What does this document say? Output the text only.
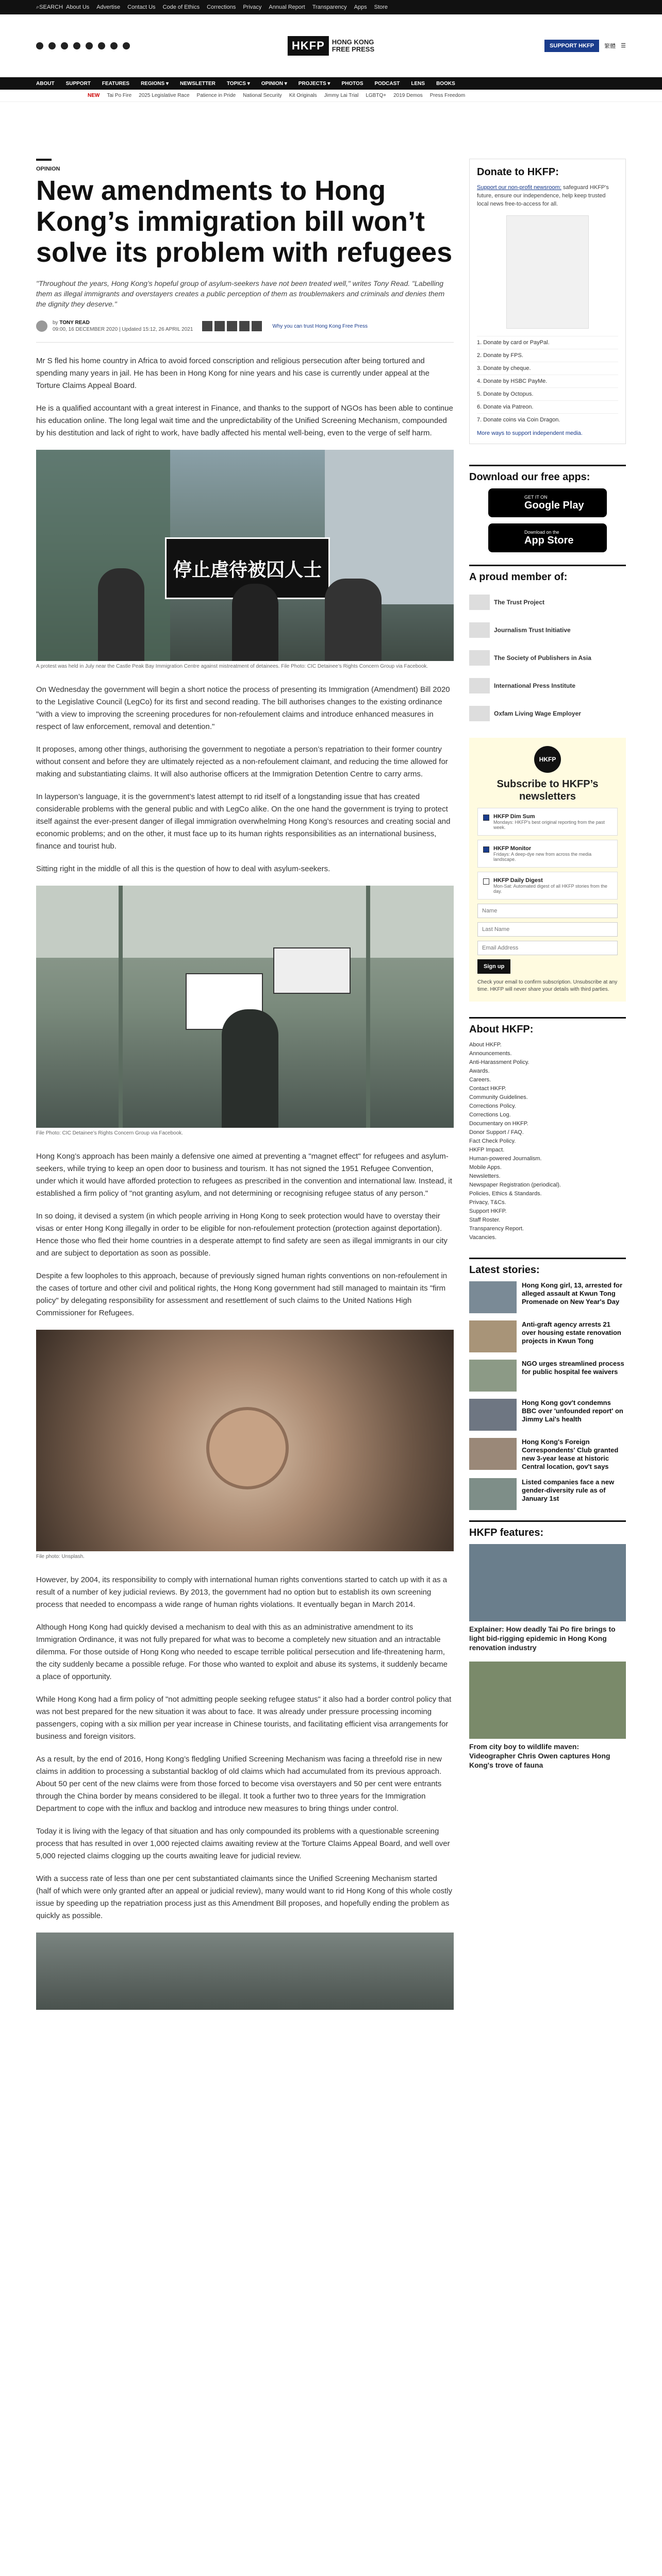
⌕ SEARCH About Us Advertise Contact Us Code of Ethics Corrections Privacy Annual Report Transparency Apps Store
HKFP	HONG KONG
FREE PRESS	SUPPORT HKFP	繁體 ☰
ABOUT SUPPORT FEATURES REGIONS ▾ NEWSLETTER TOPICS ▾ OPINION ▾ PROJECTS ▾ PHOTOS PODCAST LENS BOOKS
NEW Tai Po Fire 2025 Legislative Race Patience in Pride National Security Kit Originals Jimmy Lai Trial LGBTQ+ 2019 Demos Press Freedom
OPINION
New amendments to Hong Kong’s immigration bill won’t solve its problem with refugees
"Throughout the years, Hong Kong’s hopeful group of asylum-seekers have not been treated well," writes Tony Read. "Labelling them as illegal immigrants and overstayers creates a public perception of them as troublemakers and criminals and denies them the dignity they deserve."
by TONY READ
09:00, 16 DECEMBER 2020 | Updated 15:12, 26 APRIL 2021
Why you can trust Hong Kong Free Press

Mr S fled his home country in Africa to avoid forced conscription and religious persecution after being tortured and spending many years in jail. He has been in Hong Kong for nine years and his case is currently under appeal at the Torture Claims Appeal Board.

He is a qualified accountant with a great interest in Finance, and thanks to the support of NGOs has been able to continue his education online. The long legal wait time and the unpredictability of the Unified Screening Mechanism, compounded by his destitution and lack of right to work, have badly affected his mental well-being, even to the verge of self harm.

停止虐待被囚人士
A protest was held in July near the Castle Peak Bay Immigration Centre against mistreatment of detainees. File Photo: CIC Detainee’s Rights Concern Group via Facebook.

On Wednesday the government will begin a short notice the process of presenting its Immigration (Amendment) Bill 2020 to the Legislative Council (LegCo) for its first and second reading. The bill authorises changes to the existing ordinance "with a view to improving the screening procedures for non-refoulement claims and introduce enhanced measures in respect of law enforcement, removal and detention."

It proposes, among other things, authorising the government to negotiate a person’s repatriation to their former country without consent and before they are ultimately rejected as a non-refoulement claimant, and reducing the time allowed for making and substantiating claims. It will also authorise officers at the Immigration Detention Centre to carry arms.

In layperson’s language, it is the government’s latest attempt to rid itself of a longstanding issue that has created considerable problems with the general public and with LegCo alike. On the one hand the government is trying to protect itself against the ever-present danger of illegal immigration overwhelming Hong Kong’s resources and creating social and economic problems; and on the other, it must face up to its human rights responsibilities as an international business, finance and tourist hub.

Sitting right in the middle of all this is the question of how to deal with asylum-seekers.

File Photo: CIC Detainee’s Rights Concern Group via Facebook.

Hong Kong’s approach has been mainly a defensive one aimed at preventing a "magnet effect" for refugees and asylum-seekers, while trying to keep an open door to business and tourism. It has not signed the 1951 Refugee Convention, under which it would have afforded protection to refugees as prescribed in the convention and international law. Instead, it established a firm policy of "not granting asylum, and not determining or recognising refugee status of any person."

In so doing, it devised a system (in which people arriving in Hong Kong to seek protection would have to overstay their visas or enter Hong Kong illegally in order to be eligible for non-refoulement protection (protection against deportation). Hence those who fled their home countries in a desperate attempt to find safety are seen as illegal immigrants in our city and are subject to deportation as soon as possible.

Despite a few loopholes to this approach, because of previously signed human rights conventions on non-refoulement in the cases of torture and other civil and political rights, the Hong Kong government had still managed to maintain its "firm policy" by delegating responsibility for assessment and resettlement of such claims to the United Nations High Commissioner for Refugees.

File photo: Unsplash.

However, by 2004, its responsibility to comply with international human rights conventions started to catch up with it as a result of a number of key judicial reviews. By 2013, the government had no option but to establish its own screening process that needed to encompass a wide range of human rights violations. It eventually began in March 2014.

Although Hong Kong had quickly devised a mechanism to deal with this as an administrative amendment to its Immigration Ordinance, it was not fully prepared for what was to become a completely new situation and an intractable dilemma. For those outside of Hong Kong who needed to escape terrible political persecution and life-threatening harm, the city suddenly became a possible refuge. For those who wanted to exploit and abuse its systems, it suddenly became a place of opportunity.

While Hong Kong had a firm policy of "not admitting people seeking refugee status" it also had a border control policy that was not best prepared for the new situation it was about to face. It was already under pressure processing incoming passengers, coping with a six million per year increase in Chinese tourists, and facilitating efficient visa arrangements for business and foreign visitors.

As a result, by the end of 2016, Hong Kong’s fledgling Unified Screening Mechanism was facing a threefold rise in new claims in addition to processing a substantial backlog of old claims which had accumulated from its previous approach. About 50 per cent of the new claims were from those forced to become visa overstayers and 50 per cent were entrants through the China border by means considered to be illegal. It took a further two to three years for the Immigration Department to cope with the influx and backlog and introduce new measures to bring things under control.

Today it is living with the legacy of that situation and has only compounded its problems with a questionable screening process that has resulted in over 1,000 rejected claims awaiting review at the Torture Claims Appeal Board, and well over 5,000 rejected claims clogging up the courts awaiting leave for judicial review.

With a success rate of less than one per cent substantiated claimants since the Unified Screening Mechanism started (half of which were only granted after an appeal or judicial review), many would want to rid Hong Kong of this whole costly issue by speeding up the repatriation process just as this Amendment Bill proposes, and hopefully ending the problem as quickly as possible.

Donate to HKFP:
Support our non-profit newsroom: safeguard HKFP's future, ensure our independence, help keep trusted local news free-to-access for all.
1. Donate by card or PayPal.
2. Donate by FPS.
3. Donate by cheque.
4. Donate by HSBC PayMe.
5. Donate by Octopus.
6. Donate via Patreon.
7. Donate coins via Coin Dragon.
More ways to support independent media.
Download our free apps:
GET IT ON
Google Play
Download on the
App Store
A proud member of:
The Trust Project
Journalism Trust Initiative
The Society of Publishers in Asia
International Press Institute
Oxfam Living Wage Employer
HKFP
Subscribe to HKFP’s newsletters
HKFP Dim Sum
Mondays: HKFP's best original reporting from the past week.
HKFP Monitor
Fridays: A deep-dye new from across the media landscape.
HKFP Daily Digest
Mon-Sat: Automated digest of all HKFP stories from the day.
Name Last Name Email Address Sign up
Check your email to confirm subscription. Unsubscribe at any time. HKFP will never share your details with third parties.
About HKFP:
About HKFP.
Announcements.
Anti-Harassment Policy.
Awards.
Careers.
Contact HKFP.
Community Guidelines.
Corrections Policy.
Corrections Log.
Documentary on HKFP.
Donor Support / FAQ.
Fact Check Policy.
HKFP Impact.
Human-powered Journalism.
Mobile Apps.
Newsletters.
Newspaper Registration (periodical).
Policies, Ethics & Standards.
Privacy, T&Cs.
Support HKFP.
Staff Roster.
Transparency Report.
Vacancies.
Latest stories:
Hong Kong girl, 13, arrested for alleged assault at Kwun Tong Promenade on New Year's Day
Anti-graft agency arrests 21 over housing estate renovation projects in Kwun Tong
NGO urges streamlined process for public hospital fee waivers
Hong Kong gov't condemns BBC over 'unfounded report' on Jimmy Lai's health
Hong Kong's Foreign Correspondents' Club granted new 3-year lease at historic Central location, gov't says
Listed companies face a new gender-diversity rule as of January 1st
HKFP features:
Explainer: How deadly Tai Po fire brings to light bid-rigging epidemic in Hong Kong renovation industry
From city boy to wildlife maven: Videographer Chris Owen captures Hong Kong's trove of fauna
